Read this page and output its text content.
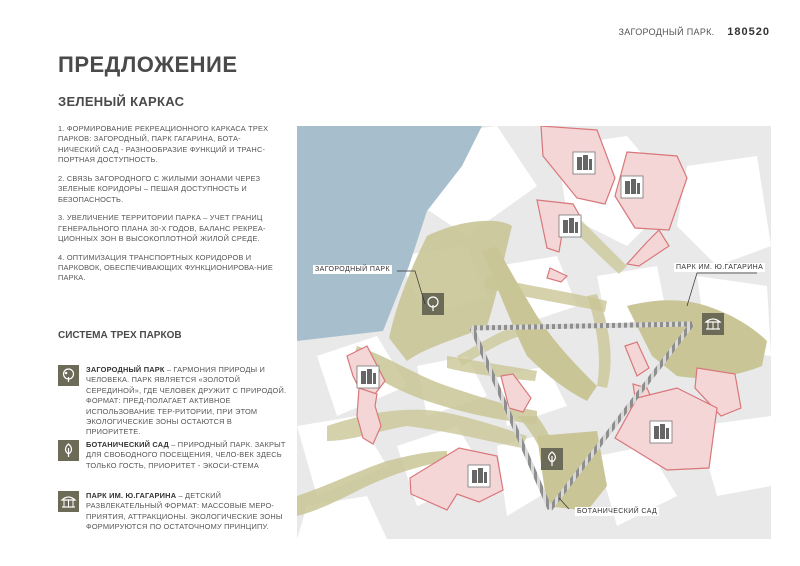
ЗАГОРОДНЫЙ ПАРК. 180520
ПРЕДЛОЖЕНИЕ
ЗЕЛЕНЫЙ КАРКАС

1. ФОРМИРОВАНИЕ РЕКРЕАЦИОННОГО КАРКАСА ТРЕХ ПАРКОВ: ЗАГОРОДНЫЙ, ПАРК ГАГАРИНА, БОТА-НИЧЕСКИЙ САД - РАЗНООБРАЗИЕ ФУНКЦИЙ И ТРАНС-ПОРТНАЯ ДОСТУПНОСТЬ.

2. СВЯЗЬ ЗАГОРОДНОГО С ЖИЛЫМИ ЗОНАМИ ЧЕРЕЗ ЗЕЛЕНЫЕ КОРИДОРЫ – ПЕШАЯ ДОСТУПНОСТЬ И БЕЗОПАСНОСТЬ.

3. УВЕЛИЧЕНИЕ ТЕРРИТОРИИ ПАРКА – УЧЕТ ГРАНИЦ ГЕНЕРАЛЬНОГО ПЛАНА 30-Х ГОДОВ, БАЛАНС РЕКРЕА-ЦИОННЫХ ЗОН В ВЫСОКОПЛОТНОЙ ЖИЛОЙ СРЕДЕ.

4. ОПТИМИЗАЦИЯ ТРАНСПОРТНЫХ КОРИДОРОВ И ПАРКОВОК, ОБЕСПЕЧИВАЮЩИХ ФУНКЦИОНИРОВА-НИЕ ПАРКА.

СИСТЕМА ТРЕХ ПАРКОВ
ЗАГОРОДНЫЙ ПАРК – ГАРМОНИЯ ПРИРОДЫ И ЧЕЛОВЕКА. ПАРК ЯВЛЯЕТСЯ «ЗОЛОТОЙ СЕРЕДИНОЙ», ГДЕ ЧЕЛОВЕК ДРУЖИТ С ПРИРОДОЙ. ФОРМАТ: ПРЕД-ПОЛАГАЕТ АКТИВНОЕ ИСПОЛЬЗОВАНИЕ ТЕР-РИТОРИИ, ПРИ ЭТОМ ЭКОЛОГИЧЕСКИЕ ЗОНЫ ОСТАЮТСЯ В ПРИОРИТЕТЕ.
БОТАНИЧЕСКИЙ САД – ПРИРОДНЫЙ ПАРК. ЗАКРЫТ ДЛЯ СВОБОДНОГО ПОСЕЩЕНИЯ, ЧЕЛО-ВЕК ЗДЕСЬ ТОЛЬКО ГОСТЬ, ПРИОРИТЕТ - ЭКОСИ-СТЕМА
ПАРК ИМ. Ю.ГАГАРИНА – ДЕТСКИЙ РАЗВЛЕКАТЕЛЬНЫЙ ФОРМАТ: МАССОВЫЕ МЕРО-ПРИЯТИЯ, АТТРАКЦИОНЫ. ЭКОЛОГИЧЕСКИЕ ЗОНЫ ФОРМИРУЮТСЯ ПО ОСТАТОЧНОМУ ПРИНЦИПУ.
ЗАГОРОДНЫЙ ПАРК	ПАРК ИМ. Ю.ГАГАРИНА
БОТАНИЧЕСКИЙ САД
